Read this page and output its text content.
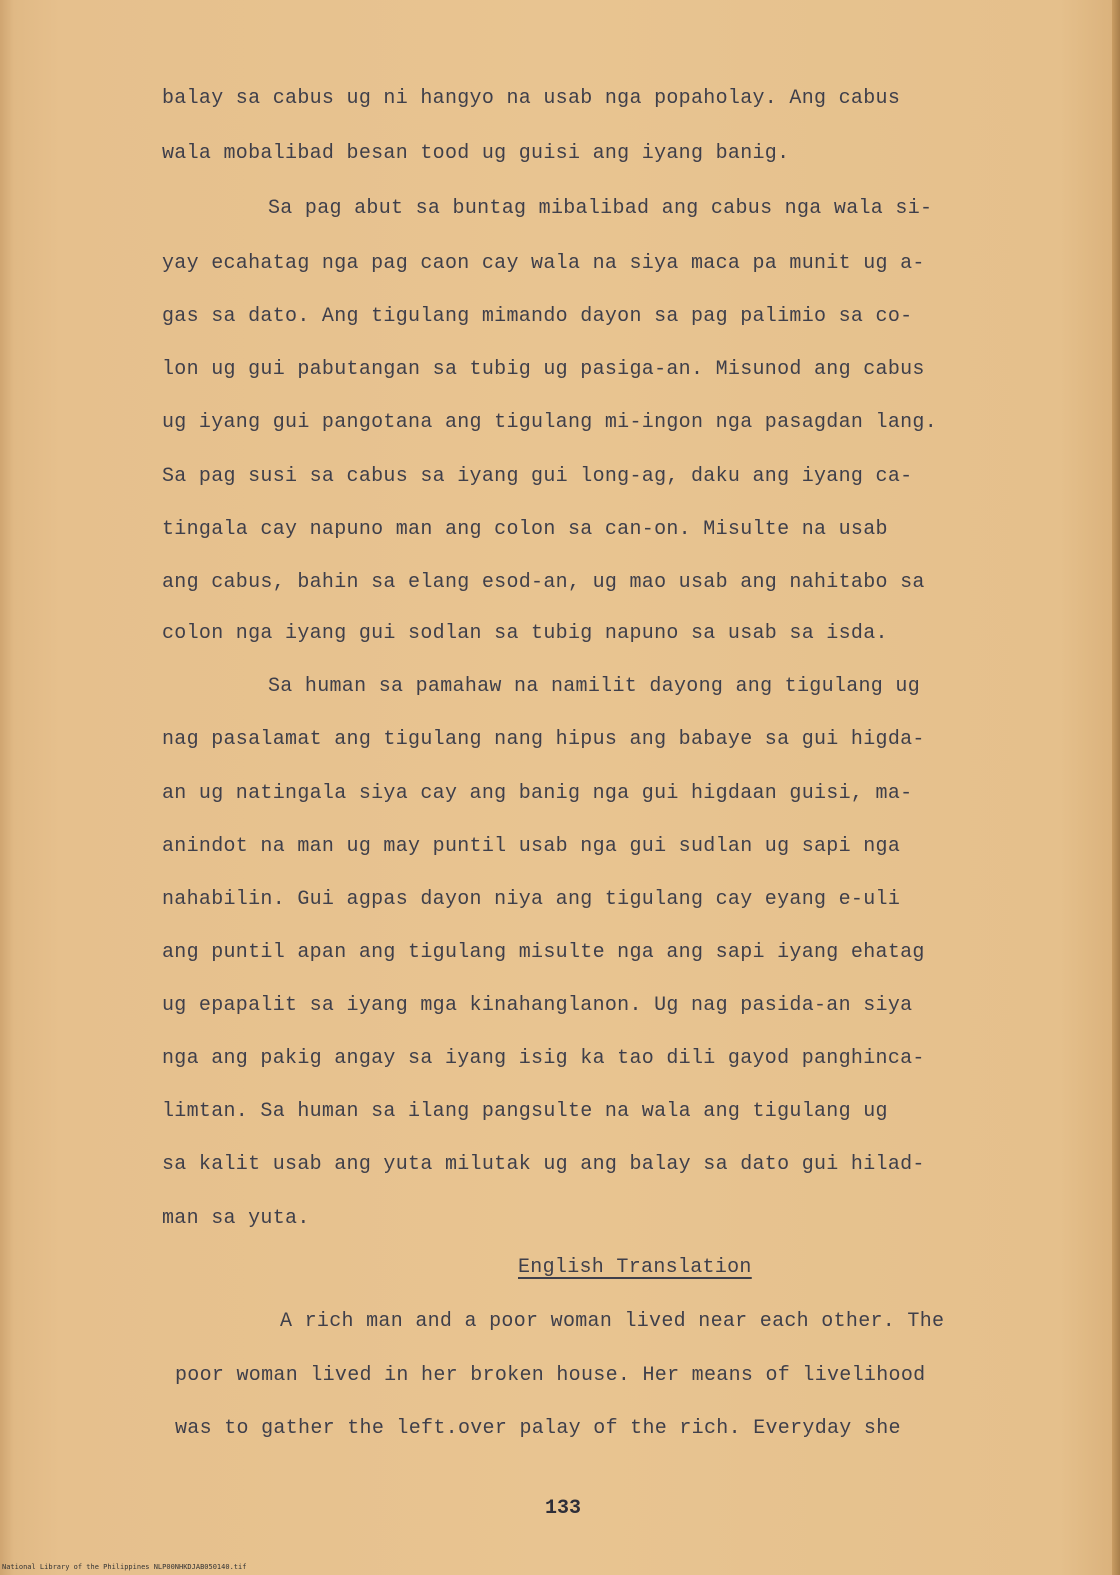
balay sa cabus ug ni hangyo na usab nga popaholay. Ang cabus
wala mobalibad besan tood ug guisi ang iyang banig.
Sa pag abut sa buntag mibalibad ang cabus nga wala si-
yay ecahatag nga pag caon cay wala na siya maca pa munit ug a-
gas sa dato. Ang tigulang mimando dayon sa pag palimio sa co-
lon ug gui pabutangan sa tubig ug pasiga-an. Misunod ang cabus
ug iyang gui pangotana ang tigulang mi-ingon nga pasagdan lang.
Sa pag susi sa cabus sa iyang gui long-ag, daku ang iyang ca-
tingala cay napuno man ang colon sa can-on. Misulte na usab
ang cabus, bahin sa elang esod-an, ug mao usab ang nahitabo sa
colon nga iyang gui sodlan sa tubig napuno sa usab sa isda.
Sa human sa pamahaw na namilit dayong ang tigulang ug
nag pasalamat ang tigulang nang hipus ang babaye sa gui higda-
an ug natingala siya cay ang banig nga gui higdaan guisi, ma-
anindot na man ug may puntil usab nga gui sudlan ug sapi nga
nahabilin. Gui agpas dayon niya ang tigulang cay eyang e-uli
ang puntil apan ang tigulang misulte nga ang sapi iyang ehatag
ug epapalit sa iyang mga kinahanglanon. Ug nag pasida-an siya
nga ang pakig angay sa iyang isig ka tao dili gayod panghinca-
limtan. Sa human sa ilang pangsulte na wala ang tigulang ug
sa kalit usab ang yuta milutak ug ang balay sa dato gui hilad-
man sa yuta.
English Translation
A rich man and a poor woman lived near each other. The
poor woman lived in her broken house. Her means of livelihood
was to gather the left.over palay of the rich. Everyday she
133
National Library of the Philippines NLP00NHKDJAB050140.tif
